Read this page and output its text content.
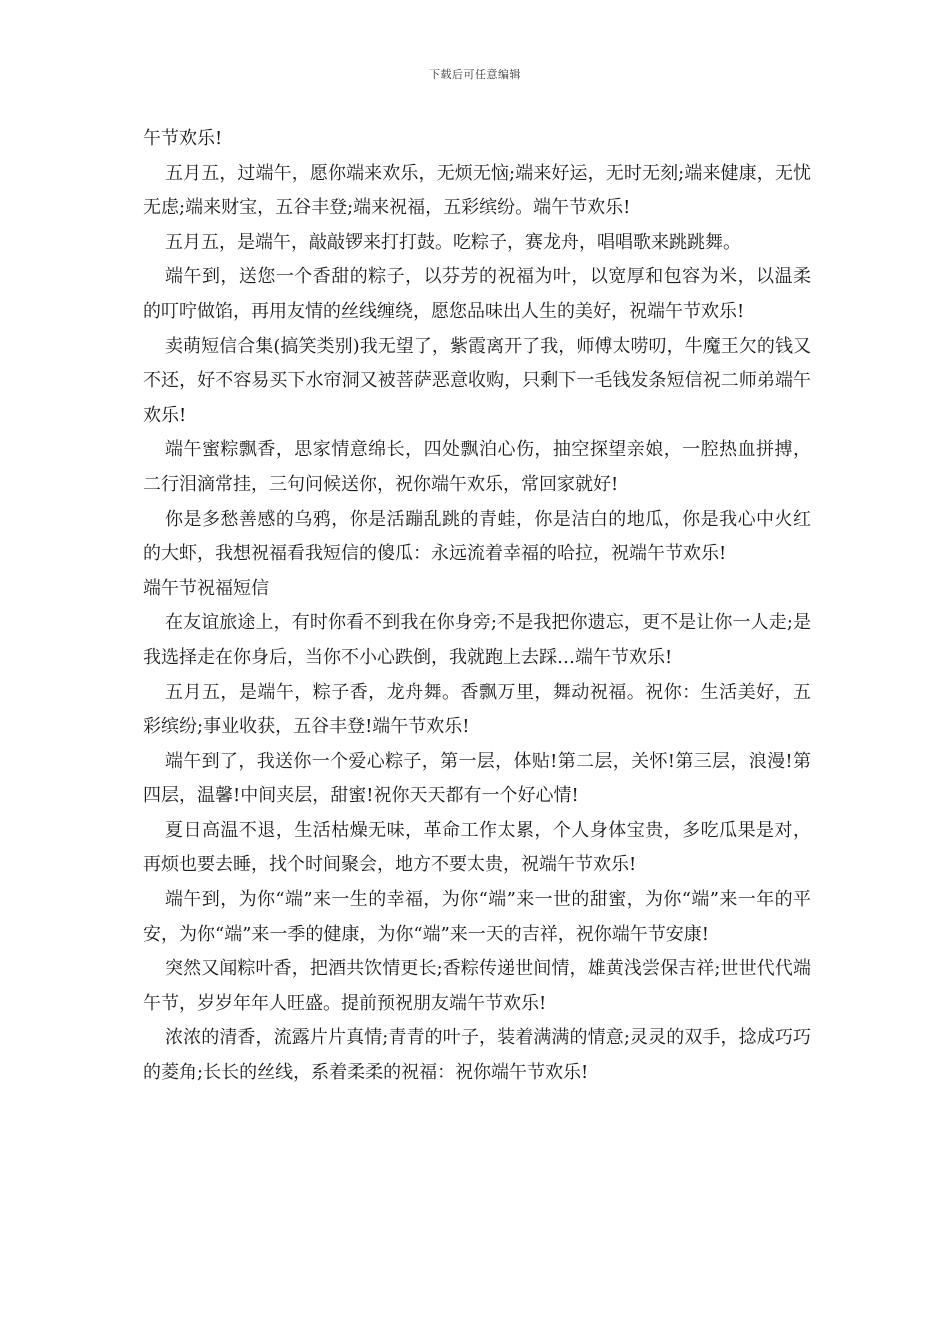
下载后可任意编辑

午节欢乐!

五月五，过端午，愿你端来欢乐，无烦无恼;端来好运，无时无刻;端来健康，无忧无虑;端来财宝，五谷丰登;端来祝福，五彩缤纷。端午节欢乐!

五月五，是端午，敲敲锣来打打鼓。吃粽子，赛龙舟，唱唱歌来跳跳舞。

端午到，送您一个香甜的粽子，以芬芳的祝福为叶，以宽厚和包容为米，以温柔的叮咛做馅，再用友情的丝线缠绕，愿您品味出人生的美好，祝端午节欢乐!

卖萌短信合集(搞笑类别)我无望了，紫霞离开了我，师傅太唠叨，牛魔王欠的钱又不还，好不容易买下水帘洞又被菩萨恶意收购，只剩下一毛钱发条短信祝二师弟端午欢乐!

端午蜜粽飘香，思家情意绵长，四处飘泊心伤，抽空探望亲娘，一腔热血拼搏，二行泪滴常挂，三句问候送你，祝你端午欢乐，常回家就好!

你是多愁善感的乌鸦，你是活蹦乱跳的青蛙，你是洁白的地瓜，你是我心中火红的大虾，我想祝福看我短信的傻瓜：永远流着幸福的哈拉，祝端午节欢乐!

端午节祝福短信

在友谊旅途上，有时你看不到我在你身旁;不是我把你遗忘，更不是让你一人走;是我选择走在你身后，当你不小心跌倒，我就跑上去踩…端午节欢乐!

五月五，是端午，粽子香，龙舟舞。香飘万里，舞动祝福。祝你：生活美好，五彩缤纷;事业收获，五谷丰登!端午节欢乐!

端午到了，我送你一个爱心粽子，第一层，体贴!第二层，关怀!第三层，浪漫!第四层，温馨!中间夹层，甜蜜!祝你天天都有一个好心情!

夏日高温不退，生活枯燥无味，革命工作太累，个人身体宝贵，多吃瓜果是对，再烦也要去睡，找个时间聚会，地方不要太贵，祝端午节欢乐!

端午到，为你“端”来一生的幸福，为你“端”来一世的甜蜜，为你“端”来一年的平安，为你“端”来一季的健康，为你“端”来一天的吉祥，祝你端午节安康!

突然又闻粽叶香，把酒共饮情更长;香粽传递世间情，雄黄浅尝保吉祥;世世代代端午节，岁岁年年人旺盛。提前预祝朋友端午节欢乐!

浓浓的清香，流露片片真情;青青的叶子，装着满满的情意;灵灵的双手，捻成巧巧的菱角;长长的丝线，系着柔柔的祝福：祝你端午节欢乐!
